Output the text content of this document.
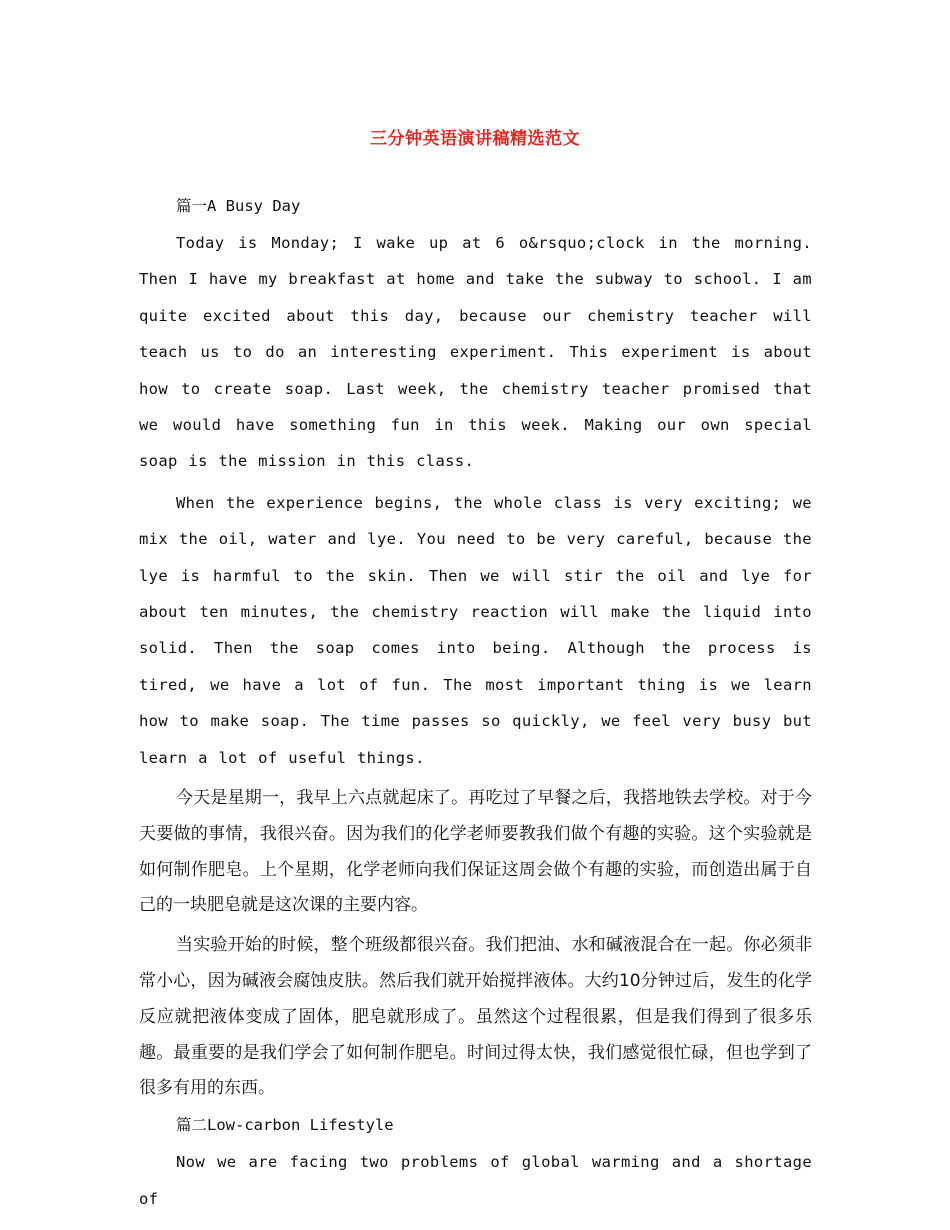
三分钟英语演讲稿精选范文

篇一A Busy Day

Today is Monday; I wake up at 6 o&rsquo;clock in the morning. Then I have my breakfast at home and take the subway to school. I am quite excited about this day, because our chemistry teacher will teach us to do an interesting experiment. This experiment is about how to create soap. Last week, the chemistry teacher promised that we would have something fun in this week. Making our own special soap is the mission in this class.

When the experience begins, the whole class is very exciting; we mix the oil, water and lye. You need to be very careful, because the lye is harmful to the skin. Then we will stir the oil and lye for about ten minutes, the chemistry reaction will make the liquid into solid. Then the soap comes into being. Although the process is tired, we have a lot of fun. The most important thing is we learn how to make soap. The time passes so quickly, we feel very busy but learn a lot of useful things.

今天是星期一，我早上六点就起床了。再吃过了早餐之后，我搭地铁去学校。对于今天要做的事情，我很兴奋。因为我们的化学老师要教我们做个有趣的实验。这个实验就是如何制作肥皂。上个星期，化学老师向我们保证这周会做个有趣的实验，而创造出属于自己的一块肥皂就是这次课的主要内容。

当实验开始的时候，整个班级都很兴奋。我们把油、水和碱液混合在一起。你必须非常小心，因为碱液会腐蚀皮肤。然后我们就开始搅拌液体。大约10分钟过后，发生的化学反应就把液体变成了固体，肥皂就形成了。虽然这个过程很累，但是我们得到了很多乐趣。最重要的是我们学会了如何制作肥皂。时间过得太快，我们感觉很忙碌，但也学到了很多有用的东西。

篇二Low-carbon Lifestyle

Now we are facing two problems of global warming and a shortage of
